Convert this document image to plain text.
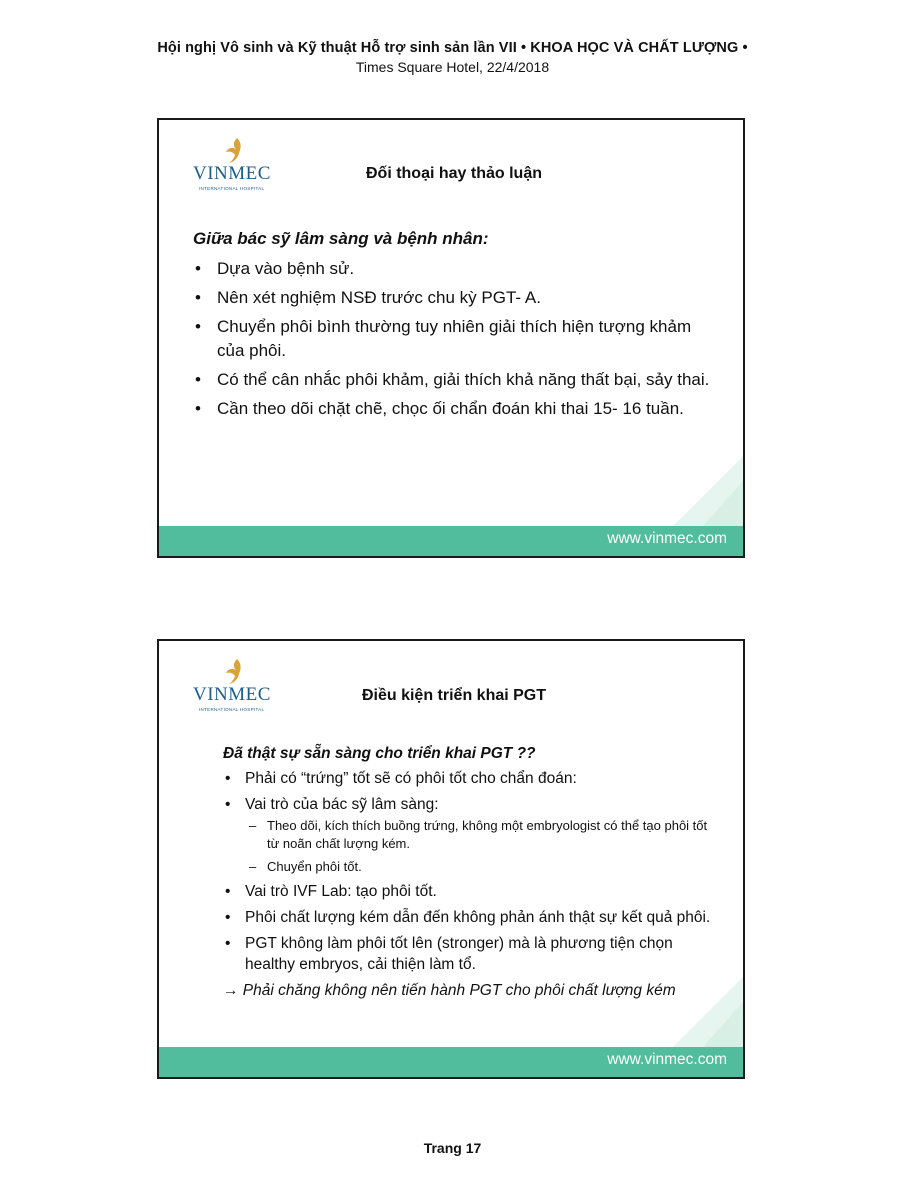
Hội nghị Vô sinh và Kỹ thuật Hỗ trợ sinh sản lần VII • KHOA HỌC VÀ CHẤT LƯỢNG •
Times Square Hotel, 22/4/2018
VINMEC
INTERNATIONAL HOSPITAL
Đối thoại hay thảo luận
Giữa bác sỹ lâm sàng và bệnh nhân:
• Dựa vào bệnh sử.
• Nên xét nghiệm NSĐ trước chu kỳ PGT- A.
• Chuyển phôi bình thường tuy nhiên giải thích hiện tượng khảm của phôi.
• Có thể cân nhắc phôi khảm, giải thích khả năng thất bại, sảy thai.
• Cần theo dõi chặt chẽ, chọc ối chẩn đoán khi thai 15- 16 tuần.
www.vinmec.com
VINMEC
INTERNATIONAL HOSPITAL
Điều kiện triển khai PGT
Đã thật sự sẵn sàng cho triển khai PGT ??
• Phải có “trứng” tốt sẽ có phôi tốt cho chẩn đoán:
• Vai trò của bác sỹ lâm sàng:
– Theo dõi, kích thích buồng trứng, không một embryologist có thể tạo phôi tốt từ noãn chất lượng kém.
– Chuyển phôi tốt.
• Vai trò IVF Lab: tạo phôi tốt.
• Phôi chất lượng kém dẫn đến không phản ánh thật sự kết quả phôi.
• PGT không làm phôi tốt lên (stronger) mà là phương tiện chọn healthy embryos, cải thiện làm tổ.
→ Phải chăng không nên tiến hành PGT cho phôi chất lượng kém
www.vinmec.com
Trang 17
